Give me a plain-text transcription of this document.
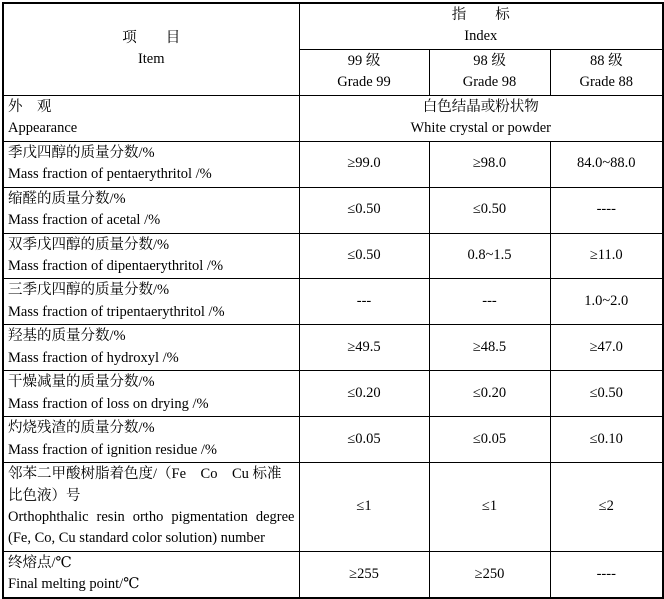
项　　目
Item	指　　标
Index		

	99 级
Grade 99	98 级
Grade 98	88 级
Grade 88

外　观
Appearance	白色结晶或粉状物
White crystal or powder		

季戊四醇的质量分数/%
Mass fraction of pentaerythritol /%	≥99.0	≥98.0	84.0~88.0

缩醛的质量分数/%
Mass fraction of acetal /%	≤0.50	≤0.50	----

双季戊四醇的质量分数/%
Mass fraction of dipentaerythritol /%	≤0.50	0.8~1.5	≥11.0

三季戊四醇的质量分数/%
Mass fraction of tripentaerythritol /%	---	---	1.0~2.0

羟基的质量分数/%
Mass fraction of hydroxyl /%	≥49.5	≥48.5	≥47.0

干燥减量的质量分数/%
Mass fraction of loss on drying /%	≤0.20	≤0.20	≤0.50

灼烧残渣的质量分数/%
Mass fraction of ignition residue /%	≤0.05	≤0.05	≤0.10

邻苯二甲酸树脂着色度/（Fe　Co　Cu 标准比色液）号
Orthophthalic resin ortho pigmentation degree (Fe, Co, Cu standard color solution) number	≤1	≤1	≤2

终熔点/℃
Final melting point/℃	≥255	≥250	----
